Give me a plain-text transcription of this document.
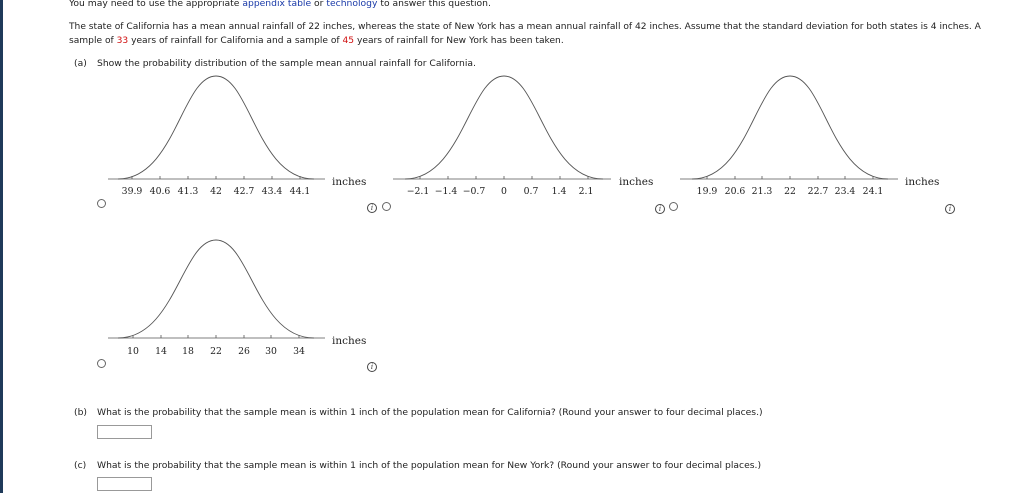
You may need to use the appropriate appendix table or technology to answer this question.
The state of California has a mean annual rainfall of 22 inches, whereas the state of New York has a mean annual rainfall of 42 inches. Assume that the standard deviation for both states is 4 inches. A
sample of 33 years of rainfall for California and a sample of 45 years of rainfall for New York has been taken.
(a) Show the probability distribution of the sample mean annual rainfall for California.
39.9 40.6 41.3 42 42.7 43.4 44.1
inches
i
−2.1 −1.4 −0.7 0 0.7 1.4 2.1
inches
i
19.9 20.6 21.3 22 22.7 23.4 24.1
inches
i
10 14 18 22 26 30 34
inches
i
(b) What is the probability that the sample mean is within 1 inch of the population mean for California? (Round your answer to four decimal places.)
(c) What is the probability that the sample mean is within 1 inch of the population mean for New York? (Round your answer to four decimal places.)
